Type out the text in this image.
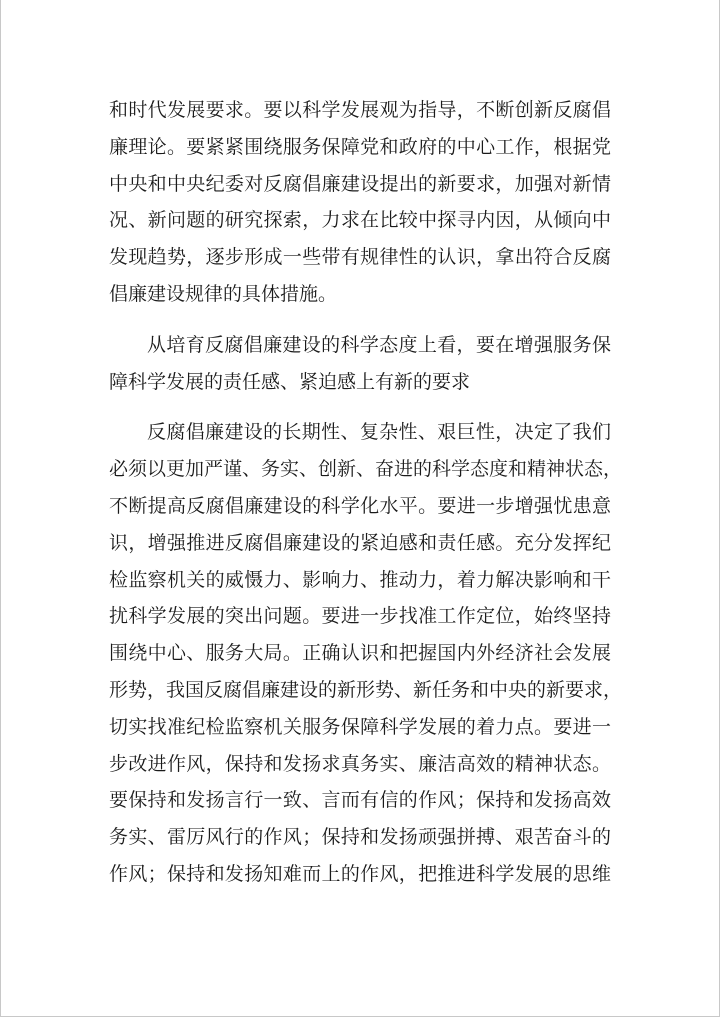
和时代发展要求。要以科学发展观为指导，不断创新反腐倡
廉理论。要紧紧围绕服务保障党和政府的中心工作，根据党
中央和中央纪委对反腐倡廉建设提出的新要求，加强对新情
况、新问题的研究探索，力求在比较中探寻内因，从倾向中
发现趋势，逐步形成一些带有规律性的认识，拿出符合反腐
倡廉建设规律的具体措施。

从培育反腐倡廉建设的科学态度上看，要在增强服务保
障科学发展的责任感、紧迫感上有新的要求

反腐倡廉建设的长期性、复杂性、艰巨性，决定了我们
必须以更加严谨、务实、创新、奋进的科学态度和精神状态，
不断提高反腐倡廉建设的科学化水平。要进一步增强忧患意
识，增强推进反腐倡廉建设的紧迫感和责任感。充分发挥纪
检监察机关的威慑力、影响力、推动力，着力解决影响和干
扰科学发展的突出问题。要进一步找准工作定位，始终坚持
围绕中心、服务大局。正确认识和把握国内外经济社会发展
形势，我国反腐倡廉建设的新形势、新任务和中央的新要求，
切实找准纪检监察机关服务保障科学发展的着力点。要进一
步改进作风，保持和发扬求真务实、廉洁高效的精神状态。
要保持和发扬言行一致、言而有信的作风；保持和发扬高效
务实、雷厉风行的作风；保持和发扬顽强拼搏、艰苦奋斗的
作风；保持和发扬知难而上的作风，把推进科学发展的思维
